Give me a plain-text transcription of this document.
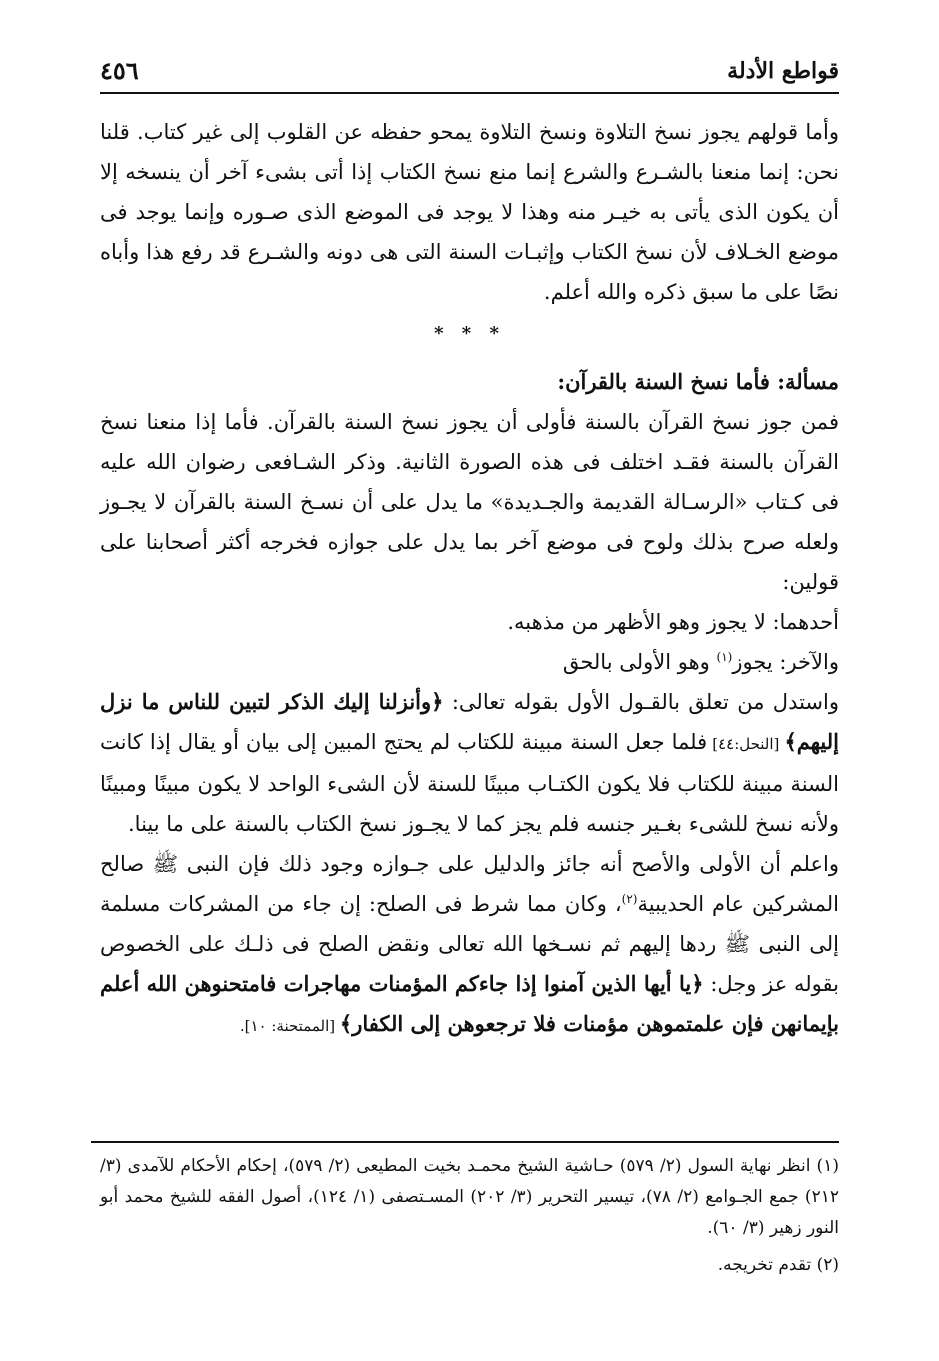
قواطع الأدلة
٤٥٦

وأما قولهم يجوز نسخ التلاوة ونسخ التلاوة يمحو حفظه عن القلوب إلى غير كتاب. قلنا نحن: إنما منعنا بالشـرع والشرع إنما منع نسخ الكتاب إذا أتى بشىء آخر أن ينسخه إلا أن يكون الذى يأتى به خيـر منه وهذا لا يوجد فى الموضع الذى صـوره وإنما يوجد فى موضع الخـلاف لأن نسخ الكتاب وإثبـات السنة التى هى دونه والشـرع قد رفع هذا وأباه نصًا على ما سبق ذكره والله أعلم.

* * *

مسألة: فأما نسخ السنة بالقرآن:

فمن جوز نسخ القرآن بالسنة فأولى أن يجوز نسخ السنة بالقرآن. فأما إذا منعنا نسخ القرآن بالسنة فقـد اختلف فى هذه الصورة الثانية. وذكر الشـافعى رضوان الله عليه فى كـتاب «الرسـالة القديمة والجـديدة» ما يدل على أن نسـخ السنة بالقرآن لا يجـوز ولعله صرح بذلك ولوح فى موضع آخر بما يدل على جوازه فخرجه أكثر أصحابنا على قولين:

أحدهما: لا يجوز وهو الأظهر من مذهبه.

والآخر: يجوز$^{(١)}$ وهو الأولى بالحق

واستدل من تعلق بالقـول الأول بقوله تعالى: ﴿وأنزلنا إليك الذكر لتبين للناس ما نزل إليهم﴾ [النحل:٤٤] فلما جعل السنة مبينة للكتاب لم يحتج المبين إلى بيان أو يقال إذا كانت السنة مبينة للكتاب فلا يكون الكتـاب مبينًا للسنة لأن الشىء الواحد لا يكون مبينًا ومبينًا ولأنه نسخ للشىء بغـير جنسه فلم يجز كما لا يجـوز نسخ الكتاب بالسنة على ما بينا.

واعلم أن الأولى والأصح أنه جائز والدليل على جـوازه وجود ذلك فإن النبى ﷺ صالح المشركين عام الحديبية$^{(٢)}$، وكان مما شرط فى الصلح: إن جاء من المشركات مسلمة إلى النبى ﷺ ردها إليهم ثم نسـخها الله تعالى ونقض الصلح فى ذلـك على الخصوص بقوله عز وجل: ﴿يا أيها الذين آمنوا إذا جاءكم المؤمنات مهاجرات فامتحنوهن الله أعلم بإيمانهن فإن علمتموهن مؤمنات فلا ترجعوهن إلى الكفار﴾ [الممتحنة: ١٠].

(١) انظر نهاية السول (٢/ ٥٧٩) حـاشية الشيخ محمـد بخيت المطيعى (٢/ ٥٧٩)، إحكام الأحكام للآمدى (٣/ ٢١٢) جمع الجـوامع (٢/ ٧٨)، تيسير التحرير (٣/ ٢٠٢) المسـتصفى (١/ ١٢٤)، أصول الفقه للشيخ محمد أبو النور زهير (٣/ ٦٠).

(٢) تقدم تخريجه.
